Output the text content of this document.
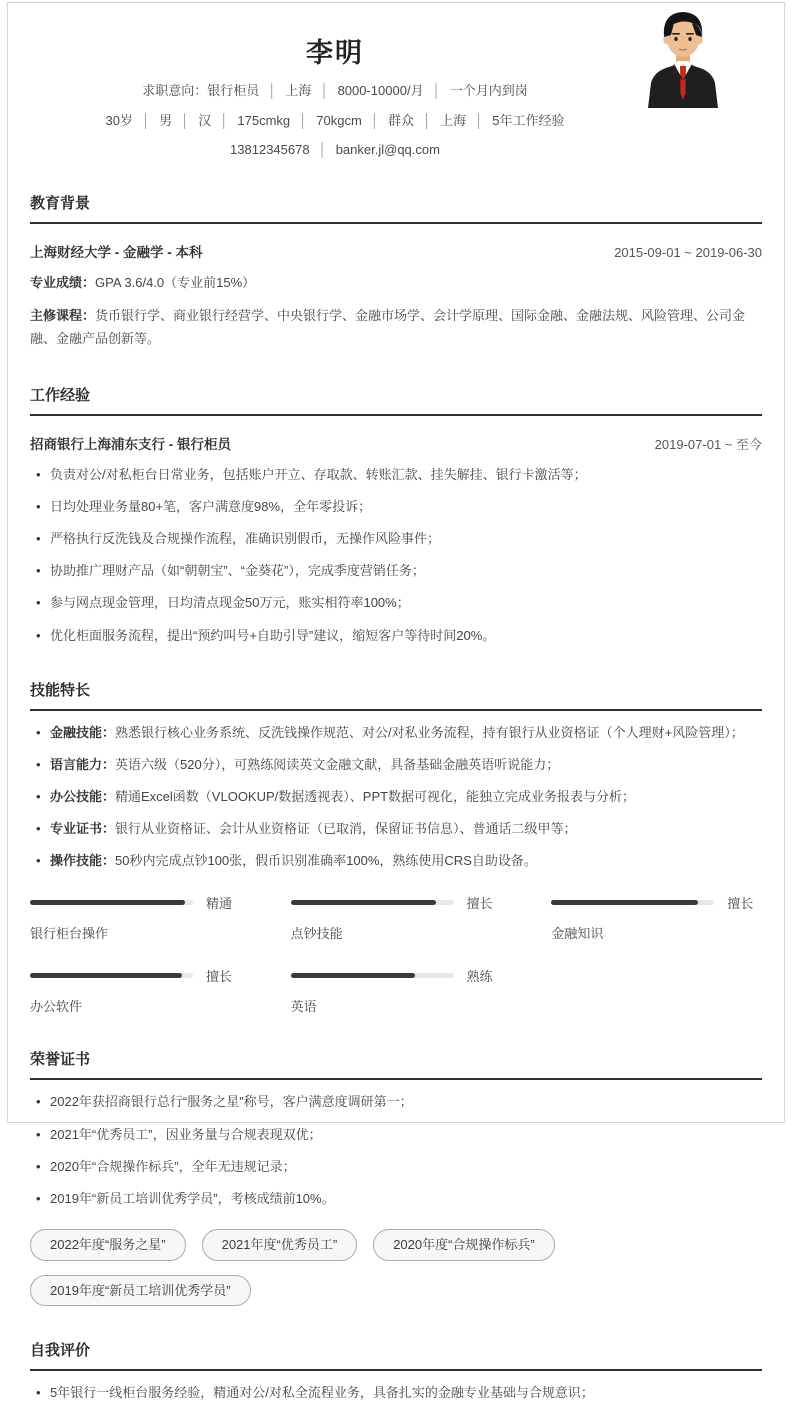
李明
求职意向：银行柜员 │ 上海 │ 8000-10000/月 │ 一个月内到岗
30岁 │ 男 │ 汉 │ 175cmkg │ 70kgcm │ 群众 │ 上海 │ 5年工作经验
13812345678 │ banker.jl@qq.com
教育背景
上海财经大学 - 金融学 - 本科	2015-09-01 ~ 2019-06-30
专业成绩：GPA 3.6/4.0（专业前15%）
主修课程：货币银行学、商业银行经营学、中央银行学、金融市场学、会计学原理、国际金融、金融法规、风险管理、公司金融、金融产品创新等。
工作经验
招商银行上海浦东支行 - 银行柜员	2019-07-01 ~ 至今
• 负责对公/对私柜台日常业务，包括账户开立、存取款、转账汇款、挂失解挂、银行卡激活等；
• 日均处理业务量80+笔，客户满意度98%，全年零投诉；
• 严格执行反洗钱及合规操作流程，准确识别假币，无操作风险事件；
• 协助推广理财产品（如“朝朝宝”、“金葵花”），完成季度营销任务；
• 参与网点现金管理，日均清点现金50万元，账实相符率100%；
• 优化柜面服务流程，提出“预约叫号+自助引导”建议，缩短客户等待时间20%。
技能特长
• 金融技能：熟悉银行核心业务系统、反洗钱操作规范、对公/对私业务流程，持有银行从业资格证（个人理财+风险管理）；
• 语言能力：英语六级（520分），可熟练阅读英文金融文献，具备基础金融英语听说能力；
• 办公技能：精通Excel函数（VLOOKUP/数据透视表）、PPT数据可视化，能独立完成业务报表与分析；
• 专业证书：银行从业资格证、会计从业资格证（已取消，保留证书信息）、普通话二级甲等；
• 操作技能：50秒内完成点钞100张，假币识别准确率100%，熟练使用CRS自助设备。
精通
银行柜台操作
擅长
点钞技能
擅长
金融知识
擅长
办公软件
熟练
英语
荣誉证书
• 2022年获招商银行总行“服务之星”称号，客户满意度调研第一；
• 2021年“优秀员工”，因业务量与合规表现双优；
• 2020年“合规操作标兵”，全年无违规记录；
• 2019年“新员工培训优秀学员”，考核成绩前10%。
2022年度“服务之星”	2021年度“优秀员工”	2020年度“合规操作标兵”
2019年度“新员工培训优秀学员”
自我评价
• 5年银行一线柜台服务经验，精通对公/对私全流程业务，具备扎实的金融专业基础与合规意识；
